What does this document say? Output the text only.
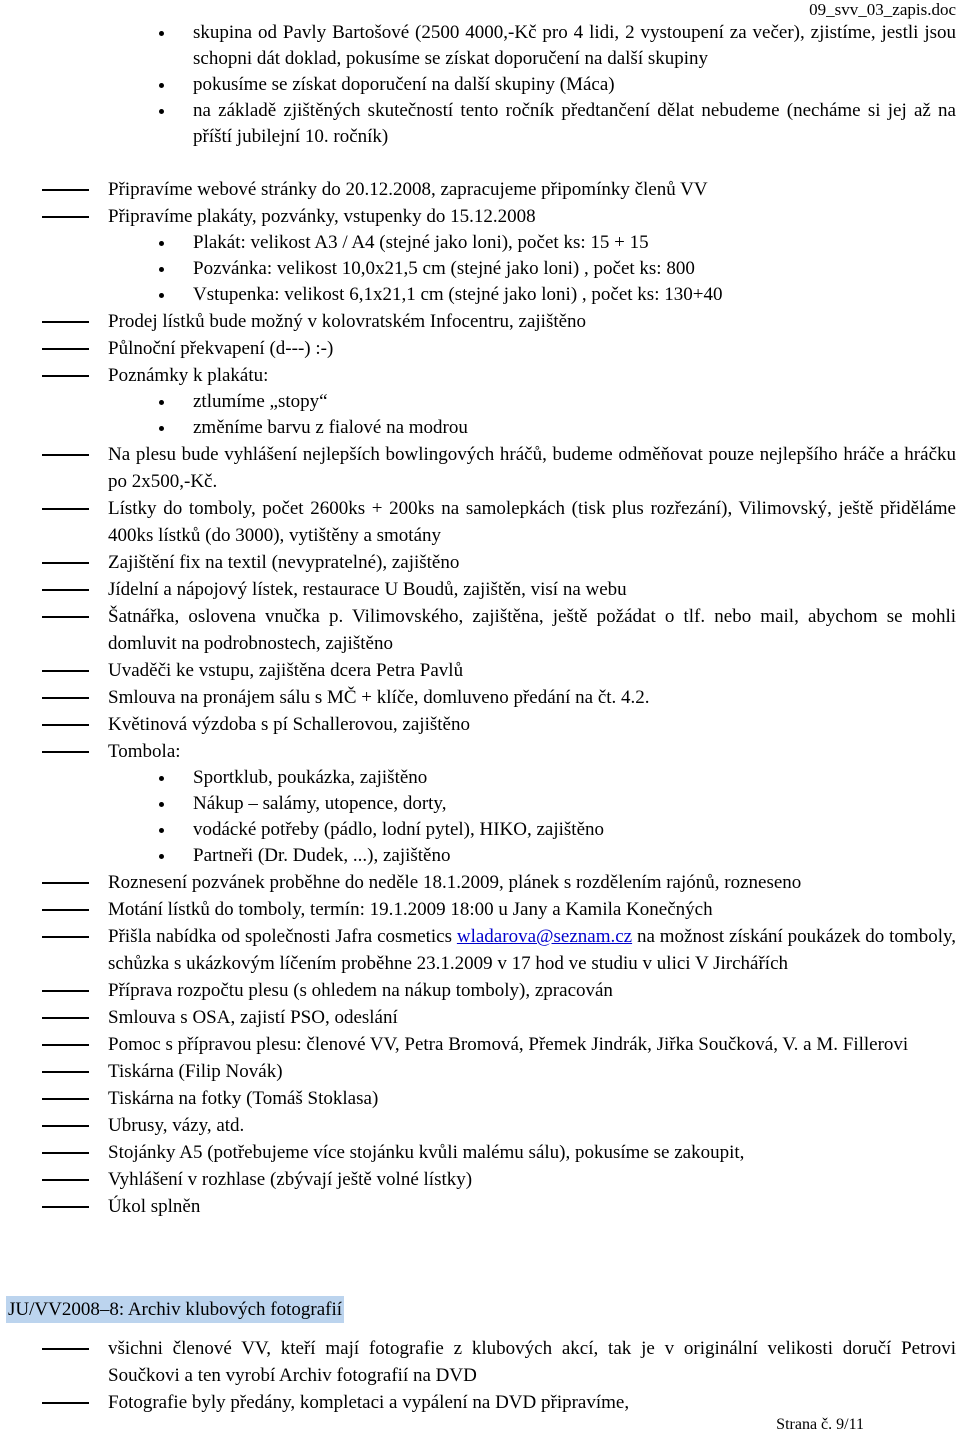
09_svv_03_zapis.doc
skupina od Pavly Bartošové (2500 4000,-Kč pro 4 lidi, 2 vystoupení za večer), zjistíme, jestli jsou schopni dát doklad, pokusíme se získat doporučení na další skupiny
pokusíme se získat doporučení na další skupiny (Máca)
na základě zjištěných skutečností tento ročník předtančení dělat nebudeme (necháme si jej až na příští jubilejní 10. ročník)
Připravíme webové stránky do 20.12.2008, zapracujeme připomínky členů VV
Připravíme plakáty, pozvánky, vstupenky do 15.12.2008
Plakát: velikost A3 / A4 (stejné jako loni), počet ks: 15 + 15
Pozvánka: velikost 10,0x21,5 cm (stejné jako loni) , počet ks: 800
Vstupenka: velikost 6,1x21,1 cm (stejné jako loni) , počet ks: 130+40
Prodej lístků bude možný v kolovratském Infocentru, zajištěno
Půlnoční překvapení (d---) :-)
Poznámky k plakátu:
ztlumíme „stopy“
změníme barvu z fialové na modrou
Na plesu bude vyhlášení nejlepších bowlingových hráčů, budeme odměňovat pouze nejlepšího hráče a hráčku po 2x500,-Kč.
Lístky do tomboly, počet 2600ks + 200ks na samolepkách (tisk plus rozřezání), Vilimovský, ještě přiděláme 400ks lístků (do 3000), vytištěny a smotány
Zajištění fix na textil (nevypratelné), zajištěno
Jídelní a nápojový lístek, restaurace U Boudů, zajištěn, visí na webu
Šatnářka, oslovena vnučka p. Vilimovského, zajištěna, ještě požádat o tlf. nebo mail, abychom se mohli domluvit na podrobnostech, zajištěno
Uvaděči ke vstupu, zajištěna dcera Petra Pavlů
Smlouva na pronájem sálu s MČ + klíče, domluveno předání na čt. 4.2.
Květinová výzdoba s pí Schallerovou, zajištěno
Tombola:
Sportklub, poukázka, zajištěno
Nákup – salámy, utopence, dorty,
vodácké potřeby (pádlo, lodní pytel), HIKO, zajištěno
Partneři (Dr. Dudek, ...), zajištěno
Roznesení pozvánek proběhne do neděle 18.1.2009, plánek s rozdělením rajónů, rozneseno
Motání lístků do tomboly, termín: 19.1.2009 18:00 u Jany a Kamila Konečných
Přišla nabídka od společnosti Jafra cosmetics wladarova@seznam.cz na možnost získání poukázek do tomboly, schůzka s ukázkovým líčením proběhne 23.1.2009 v 17 hod ve studiu v ulici V Jirchářích
Příprava rozpočtu plesu (s ohledem na nákup tomboly), zpracován
Smlouva s OSA, zajistí PSO, odeslání
Pomoc s přípravou plesu: členové VV, Petra Bromová, Přemek Jindrák, Jiřka Součková, V. a M. Fillerovi
Tiskárna (Filip Novák)
Tiskárna na fotky (Tomáš Stoklasa)
Ubrusy, vázy, atd.
Stojánky A5 (potřebujeme více stojánku kvůli malému sálu), pokusíme se zakoupit,
Vyhlášení v rozhlase (zbývají ještě volné lístky)
Úkol splněn
JU/VV2008–8: Archiv klubových fotografií
všichni členové VV, kteří mají fotografie z klubových akcí, tak je v originální velikosti doručí Petrovi Součkovi a ten vyrobí Archiv fotografií na DVD
Fotografie byly předány, kompletaci a vypálení na DVD připravíme,
Strana č. 9/11
